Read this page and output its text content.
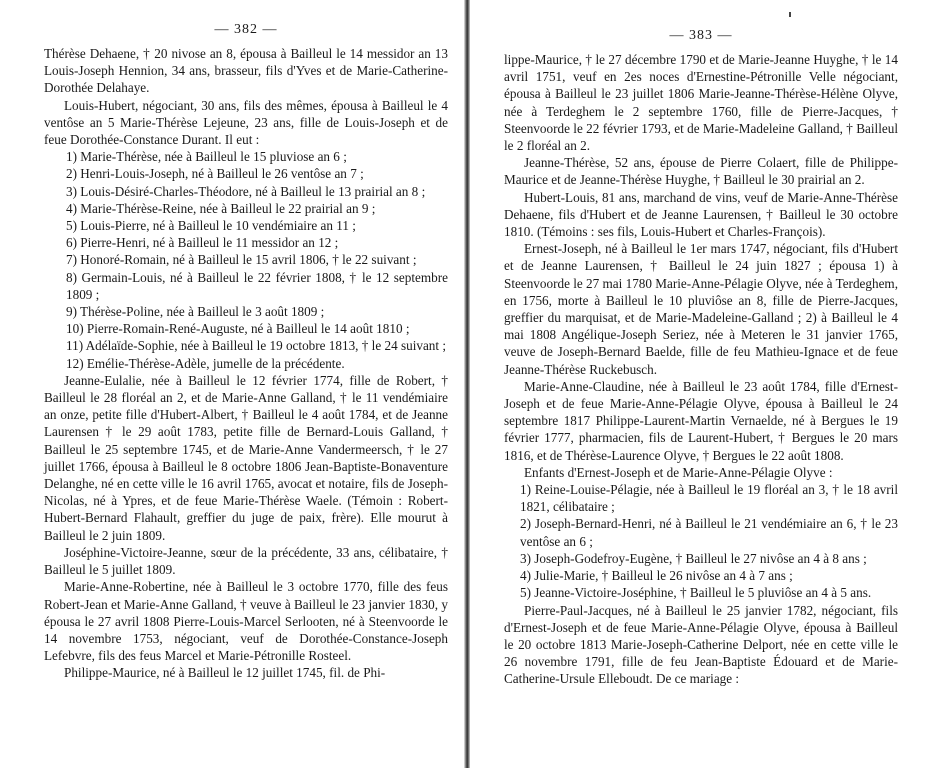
— 382 —

Thérèse Dehaene, † 20 nivose an 8, épousa à Bailleul le 14 messidor an 13 Louis-Joseph Hennion, 34 ans, brasseur, fils d'Yves et de Marie-Catherine-Dorothée Delahaye.

Louis-Hubert, négociant, 30 ans, fils des mêmes, épousa à Bailleul le 4 ventôse an 5 Marie-Thérèse Lejeune, 23 ans, fille de Louis-Joseph et de feue Dorothée-Constance Durant. Il eut :

1) Marie-Thérèse, née à Bailleul le 15 pluviose an 6 ;

2) Henri-Louis-Joseph, né à Bailleul le 26 ventôse an 7 ;

3) Louis-Désiré-Charles-Théodore, né à Bailleul le 13 prairial an 8 ;

4) Marie-Thérèse-Reine, née à Bailleul le 22 prairial an 9 ;

5) Louis-Pierre, né à Bailleul le 10 vendémiaire an 11 ;

6) Pierre-Henri, né à Bailleul le 11 messidor an 12 ;

7) Honoré-Romain, né à Bailleul le 15 avril 1806, † le 22 suivant ;

8) Germain-Louis, né à Bailleul le 22 février 1808, † le 12 septembre 1809 ;

9) Thérèse-Poline, née à Bailleul le 3 août 1809 ;

10) Pierre-Romain-René-Auguste, né à Bailleul le 14 août 1810 ;

11) Adélaïde-Sophie, née à Bailleul le 19 octobre 1813, † le 24 suivant ;

12) Emélie-Thérèse-Adèle, jumelle de la précédente.

Jeanne-Eulalie, née à Bailleul le 12 février 1774, fille de Robert, † Bailleul le 28 floréal an 2, et de Marie-Anne Galland, † le 11 vendémiaire an onze, petite fille d'Hubert-Albert, † Bailleul le 4 août 1784, et de Jeanne Laurensen † le 29 août 1783, petite fille de Bernard-Louis Galland, † Bailleul le 25 septembre 1745, et de Marie-Anne Vandermeersch, † le 27 juillet 1766, épousa à Bailleul le 8 octobre 1806 Jean-Baptiste-Bonaventure Delanghe, né en cette ville le 16 avril 1765, avocat et notaire, fils de Joseph-Nicolas, né à Ypres, et de feue Marie-Thérèse Waele. (Témoin : Robert-Hubert-Bernard Flahault, greffier du juge de paix, frère). Elle mourut à Bailleul le 2 juin 1809.

Joséphine-Victoire-Jeanne, sœur de la précédente, 33 ans, célibataire, † Bailleul le 5 juillet 1809.

Marie-Anne-Robertine, née à Bailleul le 3 octobre 1770, fille des feus Robert-Jean et Marie-Anne Galland, † veuve à Bailleul le 23 janvier 1830, y épousa le 27 avril 1808 Pierre-Louis-Marcel Serlooten, né à Steenvoorde le 14 novembre 1753, négociant, veuf de Dorothée-Constance-Joseph Lefebvre, fils des feus Marcel et Marie-Pétronille Rosteel.

Philippe-Maurice, né à Bailleul le 12 juillet 1745, fil. de Phi-

— 383 —

lippe-Maurice, † le 27 décembre 1790 et de Marie-Jeanne Huyghe, † le 14 avril 1751, veuf en 2es noces d'Ernestine-Pétronille Velle négociant, épousa à Bailleul le 23 juillet 1806 Marie-Jeanne-Thérèse-Hélène Olyve, née à Terdeghem le 2 septembre 1760, fille de Pierre-Jacques, † Steenvoorde le 22 février 1793, et de Marie-Madeleine Galland, † Bailleul le 2 floréal an 2.

Jeanne-Thérèse, 52 ans, épouse de Pierre Colaert, fille de Philippe-Maurice et de Jeanne-Thérèse Huyghe, † Bailleul le 30 prairial an 2.

Hubert-Louis, 81 ans, marchand de vins, veuf de Marie-Anne-Thérèse Dehaene, fils d'Hubert et de Jeanne Laurensen, † Bailleul le 30 octobre 1810. (Témoins : ses fils, Louis-Hubert et Charles-François).

Ernest-Joseph, né à Bailleul le 1er mars 1747, négociant, fils d'Hubert et de Jeanne Laurensen, † Bailleul le 24 juin 1827 ; épousa 1) à Steenvoorde le 27 mai 1780 Marie-Anne-Pélagie Olyve, née à Terdeghem, en 1756, morte à Bailleul le 10 pluviôse an 8, fille de Pierre-Jacques, greffier du marquisat, et de Marie-Madeleine-Galland ; 2) à Bailleul le 4 mai 1808 Angélique-Joseph Seriez, née à Meteren le 31 janvier 1765, veuve de Joseph-Bernard Baelde, fille de feu Mathieu-Ignace et de feue Jeanne-Thérèse Ruckebusch.

Marie-Anne-Claudine, née à Bailleul le 23 août 1784, fille d'Ernest-Joseph et de feue Marie-Anne-Pélagie Olyve, épousa à Bailleul le 24 septembre 1817 Philippe-Laurent-Martin Vernaelde, né à Bergues le 19 février 1777, pharmacien, fils de Laurent-Hubert, † Bergues le 20 mars 1816, et de Thérèse-Laurence Olyve, † Bergues le 22 août 1808.

Enfants d'Ernest-Joseph et de Marie-Anne-Pélagie Olyve :

1) Reine-Louise-Pélagie, née à Bailleul le 19 floréal an 3, † le 18 avril 1821, célibataire ;

2) Joseph-Bernard-Henri, né à Bailleul le 21 vendémiaire an 6, † le 23 ventôse an 6 ;

3) Joseph-Godefroy-Eugène, † Bailleul le 27 nivôse an 4 à 8 ans ;

4) Julie-Marie, † Bailleul le 26 nivôse an 4 à 7 ans ;

5) Jeanne-Victoire-Joséphine, † Bailleul le 5 pluviôse an 4 à 5 ans.

Pierre-Paul-Jacques, né à Bailleul le 25 janvier 1782, négociant, fils d'Ernest-Joseph et de feue Marie-Anne-Pélagie Olyve, épousa à Bailleul le 20 octobre 1813 Marie-Joseph-Catherine Delport, née en cette ville le 26 novembre 1791, fille de feu Jean-Baptiste Édouard et de Marie-Catherine-Ursule Elleboudt. De ce mariage :
